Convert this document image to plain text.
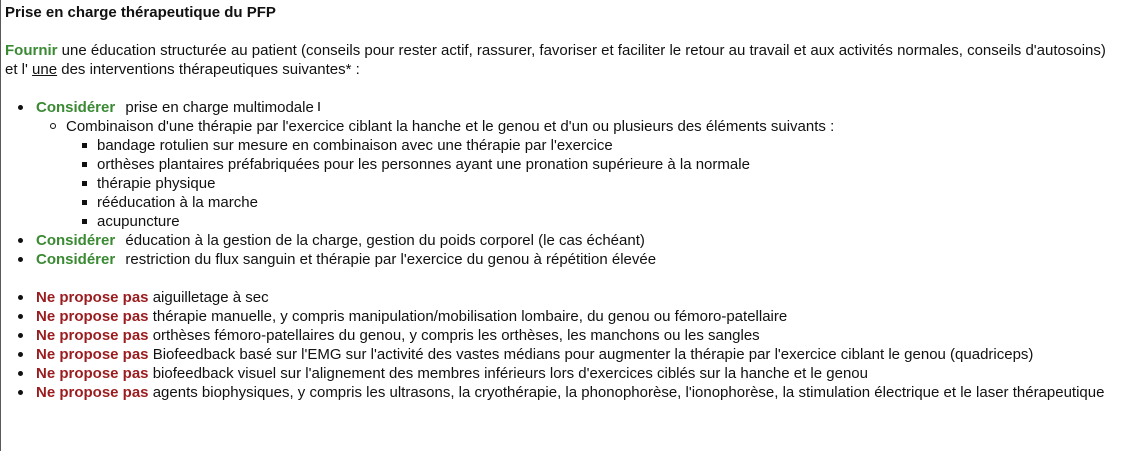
Prise en charge thérapeutique du PFP

Fournir une éducation structurée au patient (conseils pour rester actif, rassurer, favoriser et faciliter le retour au travail et aux activités normales, conseils d'autosoins) et l' une des interventions thérapeutiques suivantes* :

Considérer prise en charge multimodale
Combinaison d'une thérapie par l'exercice ciblant la hanche et le genou et d'un ou plusieurs des éléments suivants :
bandage rotulien sur mesure en combinaison avec une thérapie par l'exercice
orthèses plantaires préfabriquées pour les personnes ayant une pronation supérieure à la normale
thérapie physique
rééducation à la marche
acupuncture
Considérer éducation à la gestion de la charge, gestion du poids corporel (le cas échéant)
Considérer restriction du flux sanguin et thérapie par l'exercice du genou à répétition élevée
Ne propose pas aiguilletage à sec
Ne propose pas thérapie manuelle, y compris manipulation/mobilisation lombaire, du genou ou fémoro-patellaire
Ne propose pas orthèses fémoro-patellaires du genou, y compris les orthèses, les manchons ou les sangles
Ne propose pas Biofeedback basé sur l'EMG sur l'activité des vastes médians pour augmenter la thérapie par l'exercice ciblant le genou (quadriceps)
Ne propose pas biofeedback visuel sur l'alignement des membres inférieurs lors d'exercices ciblés sur la hanche et le genou
Ne propose pas agents biophysiques, y compris les ultrasons, la cryothérapie, la phonophorèse, l'ionophorèse, la stimulation électrique et le laser thérapeutique
